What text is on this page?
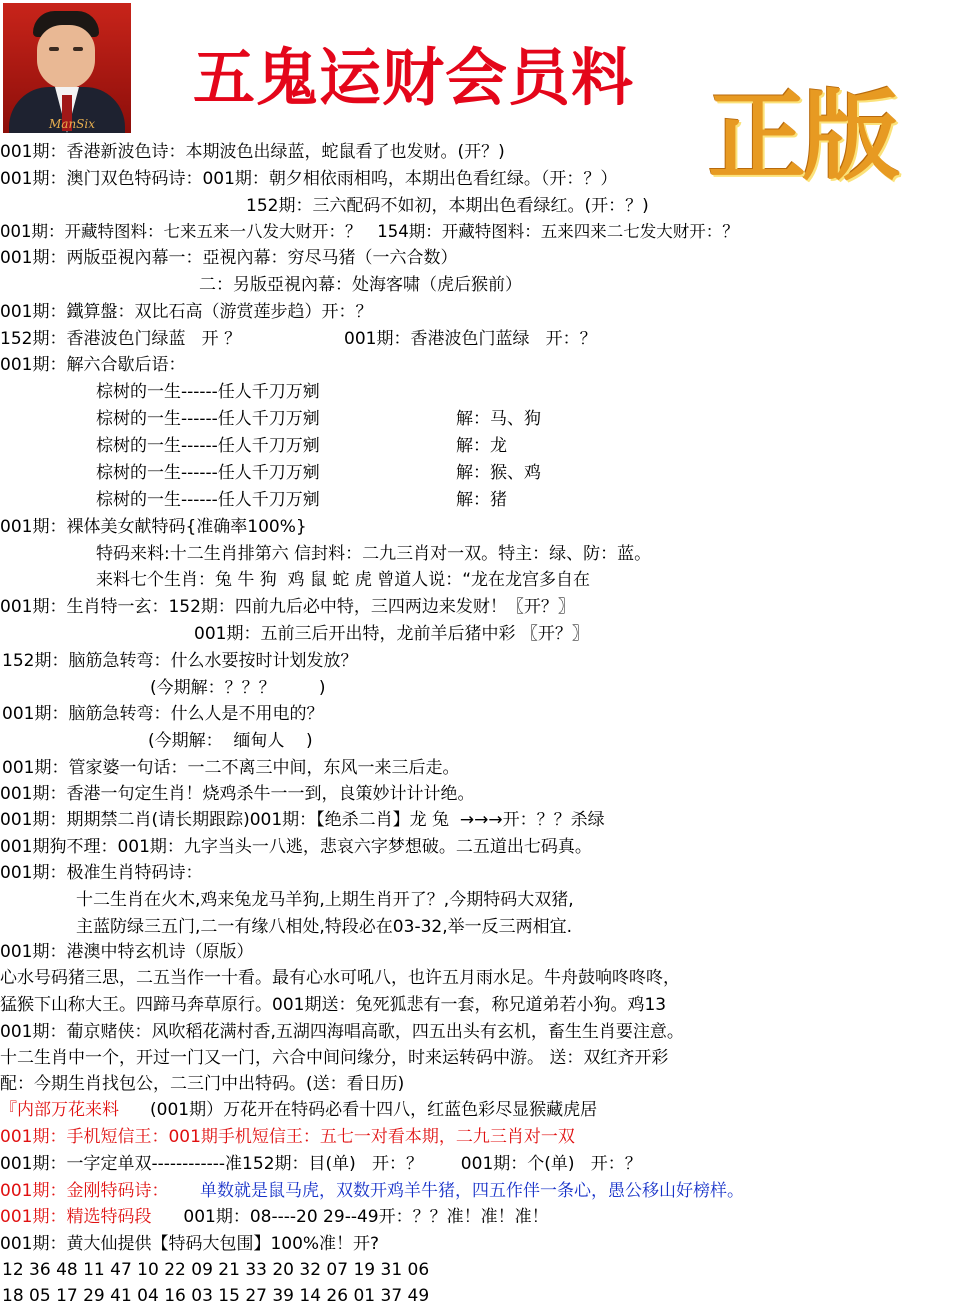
ManSix
五鬼运财会员料
正版
001期：香港新波色诗：本期波色出绿蓝，蛇鼠看了也发财。(开？)
001期：澳门双色特码诗：001期：朝夕相依雨相呜，本期出色看红绿。（开：？）
152期：三六配码不如初，本期出色看绿红。(开：？)
001期：开藏特图料：七来五来一八发大财开：？   154期：开藏特图料：五来四来二七发大财开：？
001期：两版亞視內幕一：亞視內幕：穷尽马猪（一六合数）
二：另版亞視內幕：处海客啸（虎后猴前）
001期：鐵算盤：双比石高（游赏莲步趋）开：？
152期：香港波色门绿蓝   开 ？	001期：香港波色门蓝绿   开：？
001期：解六合歇后语：
棕树的一生------任人千刀万剜
棕树的一生------任人千刀万剜	解：马、狗
棕树的一生------任人千刀万剜	解：龙
棕树的一生------任人千刀万剜	解：猴、鸡
棕树的一生------任人千刀万剜	解：猪
001期：裸体美女献特码{准确率100%}
特码来料:十二生肖排第六 信封料：二九三肖对一双。特主：绿、防：蓝。
来料七个生肖：兔 牛 狗  鸡 鼠 蛇 虎 曾道人说：“龙在龙宫多自在
001期：生肖特一玄：152期：四前九后必中特，三四两边来发财！〖开？〗
001期：五前三后开出特，龙前羊后猪中彩 〖开？〗
152期：脑筋急转弯：什么水要按时计划发放？
(今期解：？？？        )
001期：脑筋急转弯：什么人是不用电的？
(今期解：  缅甸人    )
001期：管家婆一句话：一二不离三中间，东风一来三后走。
001期：香港一句定生肖！烧鸡杀牛一一到，良策妙计计计绝。
001期：期期禁二肖(请长期跟踪)001期：【绝杀二肖】龙 兔  →→→开：？？杀绿
001期狗不理：001期：九字当头一八逃，悲哀六字梦想破。二五道出七码真。
001期：极准生肖特码诗：
十二生肖在火木,鸡来兔龙马羊狗,上期生肖开了？,今期特码大双猪,
主蓝防绿三五门,二一有缘八相处,特段必在03-32,举一反三两相宜.
001期：港澳中特玄机诗（原版）
心水号码猪三思，二五当作一十看。最有心水可吼八，也许五月雨水足。牛舟鼓响咚咚咚，
猛猴下山称大王。四蹄马奔草原行。001期送：兔死狐悲有一套，称兄道弟若小狗。鸡13
001期：葡京赌侠：风吹稻花满村香,五湖四海唱高歌，四五出头有玄机，畜生生肖要注意。
十二生肖中一个，开过一门又一门，六合中间问缘分，时来运转码中游。 送：双红齐开彩
配：今期生肖找包公，二三门中出特码。(送：看日历)
『内部万花来料 (001期）万花开在特码必看十四八，红蓝色彩尽显猴藏虎居
001期：手机短信王：001期手机短信王：五七一对看本期，二九三肖对一双
001期：一字定单双------------准152期：目(单)   开：？       001期：个(单)   开：？
001期：金刚特码诗： 单数就是鼠马虎，双数开鸡羊牛猪，四五作伴一条心，愚公移山好榜样。
001期：精选特码段 001期：08----20 29--49开：？？准！准！准！
001期：黄大仙提供【特码大包围】100%准！开?
12 36 48 11 47 10 22 09 21 33 20 32 07 19 31 06
18 05 17 29 41 04 16 03 15 27 39 14 26 01 37 49
